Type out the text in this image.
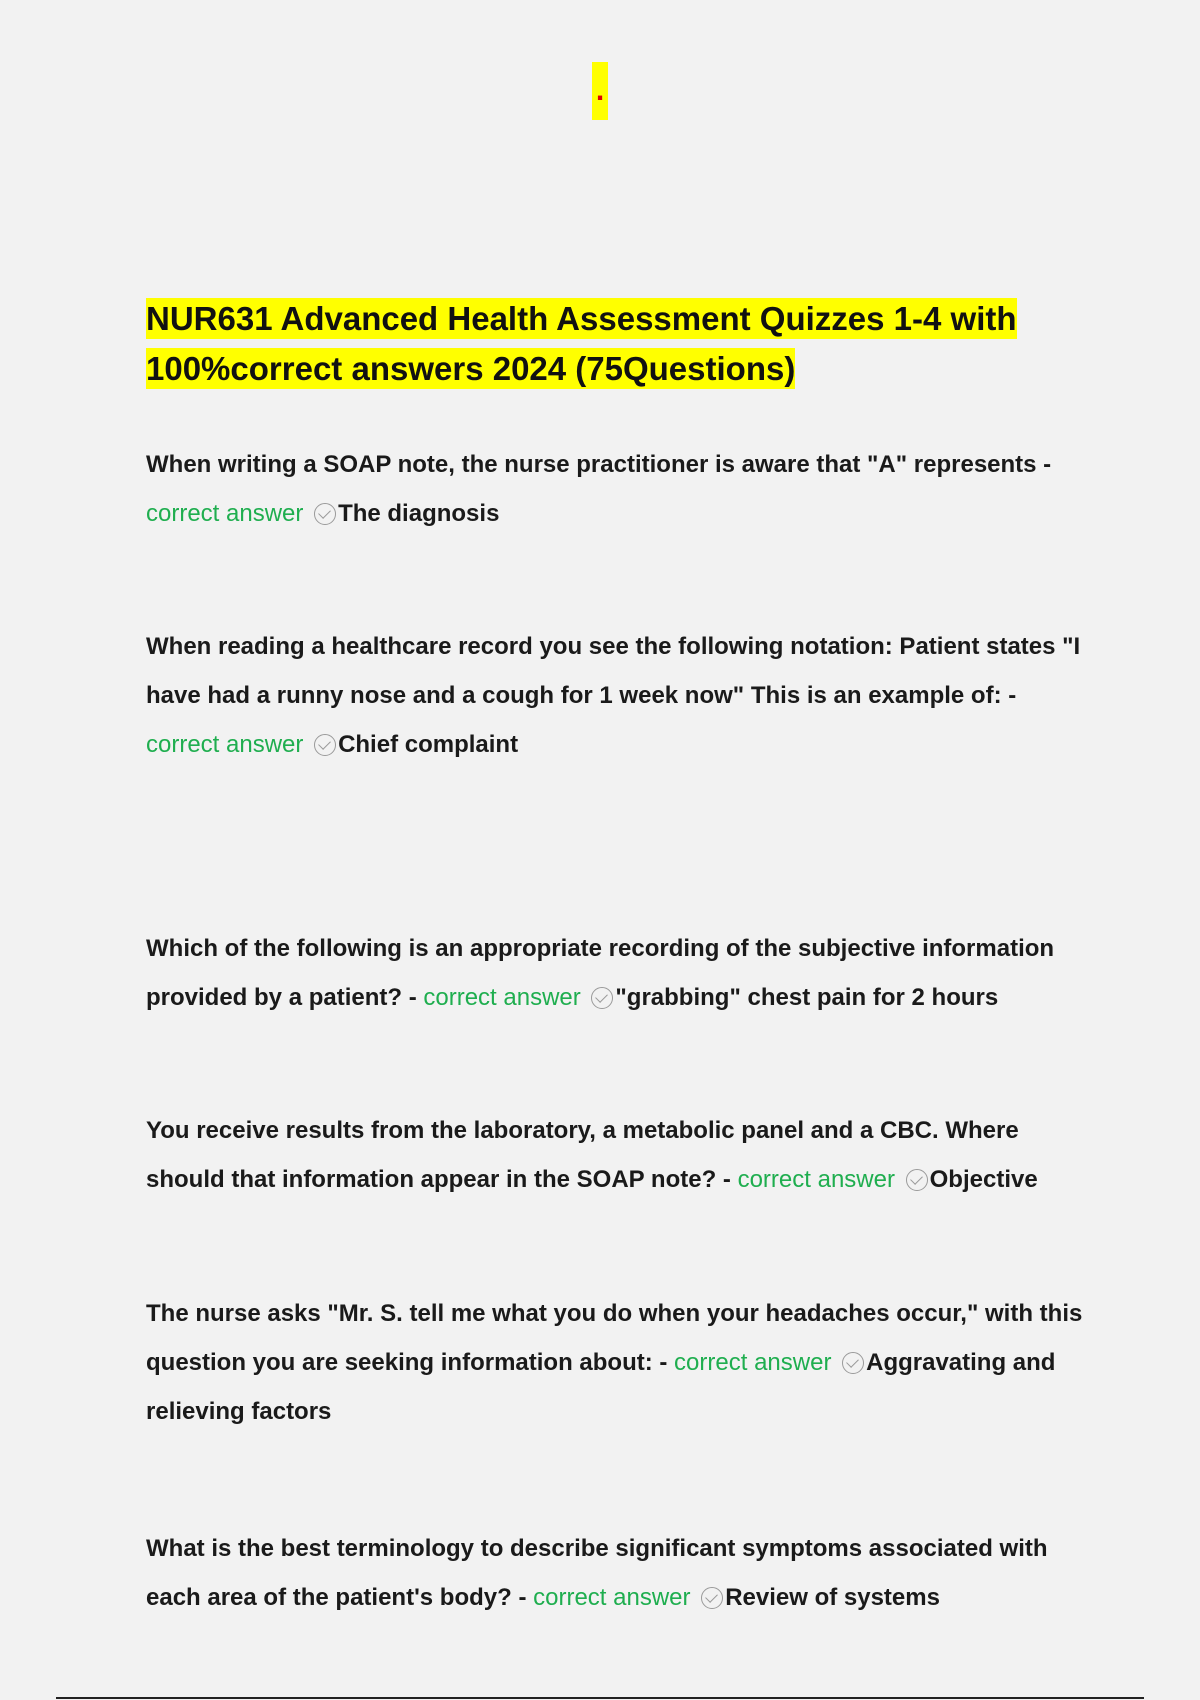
.
NUR631 Advanced Health Assessment Quizzes 1-4 with
100%correct answers 2024 (75Questions)
When writing a SOAP note, the nurse practitioner is aware that "A" represents - correct answer The diagnosis
When reading a healthcare record you see the following notation: Patient states "I have had a runny nose and a cough for 1 week now" This is an example of: - correct answer Chief complaint
Which of the following is an appropriate recording of the subjective information provided by a patient? - correct answer "grabbing" chest pain for 2 hours
You receive results from the laboratory, a metabolic panel and a CBC. Where should that information appear in the SOAP note? - correct answer Objective
The nurse asks "Mr. S. tell me what you do when your headaches occur," with this question you are seeking information about: - correct answer Aggravating and relieving factors
What is the best terminology to describe significant symptoms associated with each area of the patient's body? - correct answer Review of systems
